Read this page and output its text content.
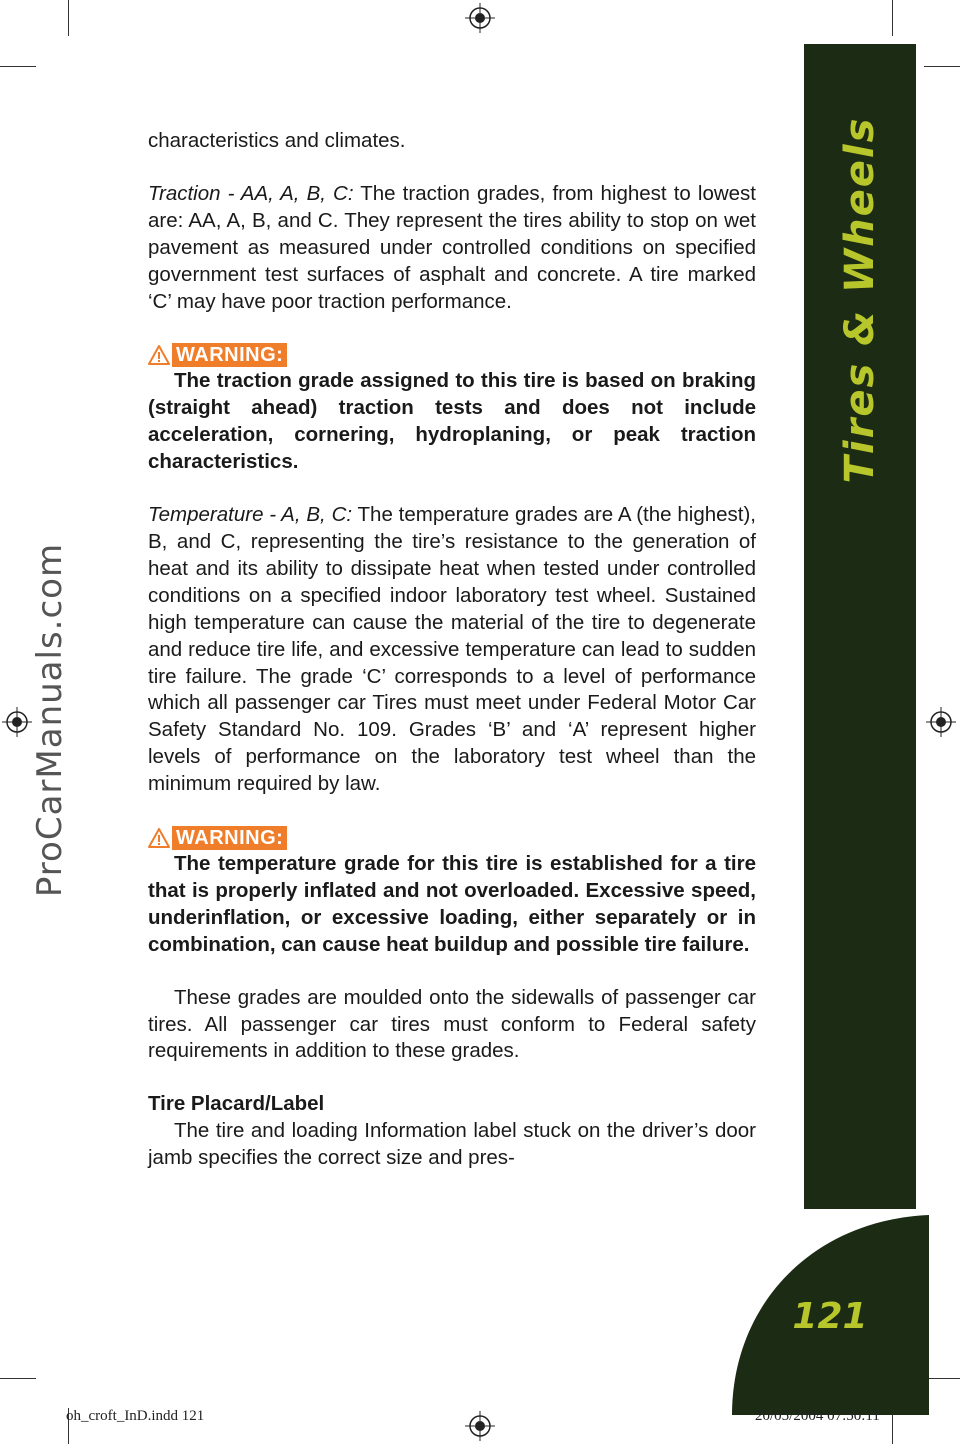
Tires & Wheels
121
ProCarManuals.com

characteristics and climates.

Traction - AA, A, B, C: The traction grades, from highest to lowest are: AA, A, B, and C. They represent the tires ability to stop on wet pavement as measured under controlled conditions on specified government test surfaces of asphalt and concrete. A tire marked ‘C’ may have poor traction performance.

WARNING:

The traction grade assigned to this tire is based on braking (straight ahead) traction tests and does not include acceleration, cornering, hydroplaning, or peak traction characteristics.

Temperature - A, B, C: The temperature grades are A (the highest), B, and C, representing the tire’s resistance to the generation of heat and its ability to dissipate heat when tested under controlled conditions on a specified indoor laboratory test wheel. Sustained high temperature can cause the material of the tire to degenerate and reduce tire life, and excessive temperature can lead to sudden tire failure. The grade ‘C’ corresponds to a level of performance which all passenger car Tires must meet under Federal Motor Car Safety Standard No. 109. Grades ‘B’ and ‘A’ represent higher levels of performance on the laboratory test wheel than the minimum required by law.

WARNING:

The temperature grade for this tire is established for a tire that is properly inflated and not overloaded. Excessive speed, underinflation, or excessive loading, either separately or in combination, can cause heat buildup and possible tire failure.

These grades are moulded onto the sidewalls of passenger car tires. All passenger car tires must conform to Federal safety requirements in addition to these grades.

Tire Placard/Label

The tire and loading Information label stuck on the driver’s door jamb specifies the correct size and pres-

oh_croft_InD.indd 121	20/05/2004 07:50:11
